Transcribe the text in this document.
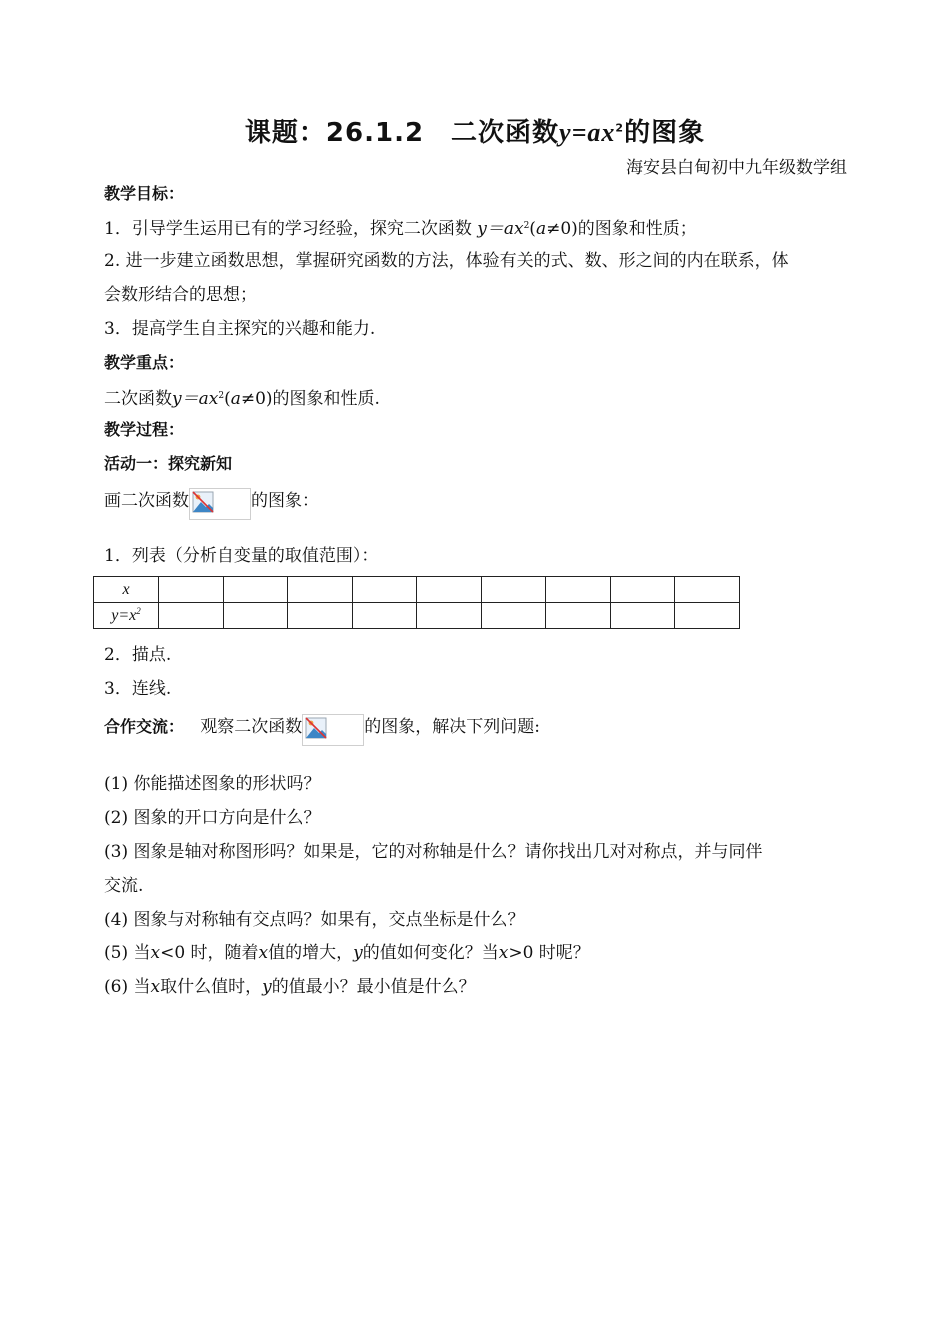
课题：26.1.2　二次函数$y=ax^2$的图象
海安县白甸初中九年级数学组
教学目标：
1．引导学生运用已有的学习经验，探究二次函数 $y=ax^2(a\ne 0)$的图象和性质；
2. 进一步建立函数思想，掌握研究函数的方法，体验有关的式、数、形之间的内在联系，体
会数形结合的思想；
3．提高学生自主探究的兴趣和能力.
教学重点：
二次函数$y=ax^2(a\ne 0)$的图象和性质.
教学过程：
活动一：探究新知
画二次函数	的图象：
1．列表（分析自变量的取值范围）：
x									
$y=x^2$									
2．描点.
3．连线.
合作交流： 观察二次函数	的图象，解决下列问题:
(1) 你能描述图象的形状吗？
(2) 图象的开口方向是什么？
(3) 图象是轴对称图形吗？如果是，它的对称轴是什么？请你找出几对对称点，并与同伴
交流.
(4) 图象与对称轴有交点吗？如果有，交点坐标是什么？
(5) 当x<0 时，随着x值的增大，y的值如何变化？当x>0 时呢？
(6) 当x取什么值时，y的值最小？最小值是什么？
